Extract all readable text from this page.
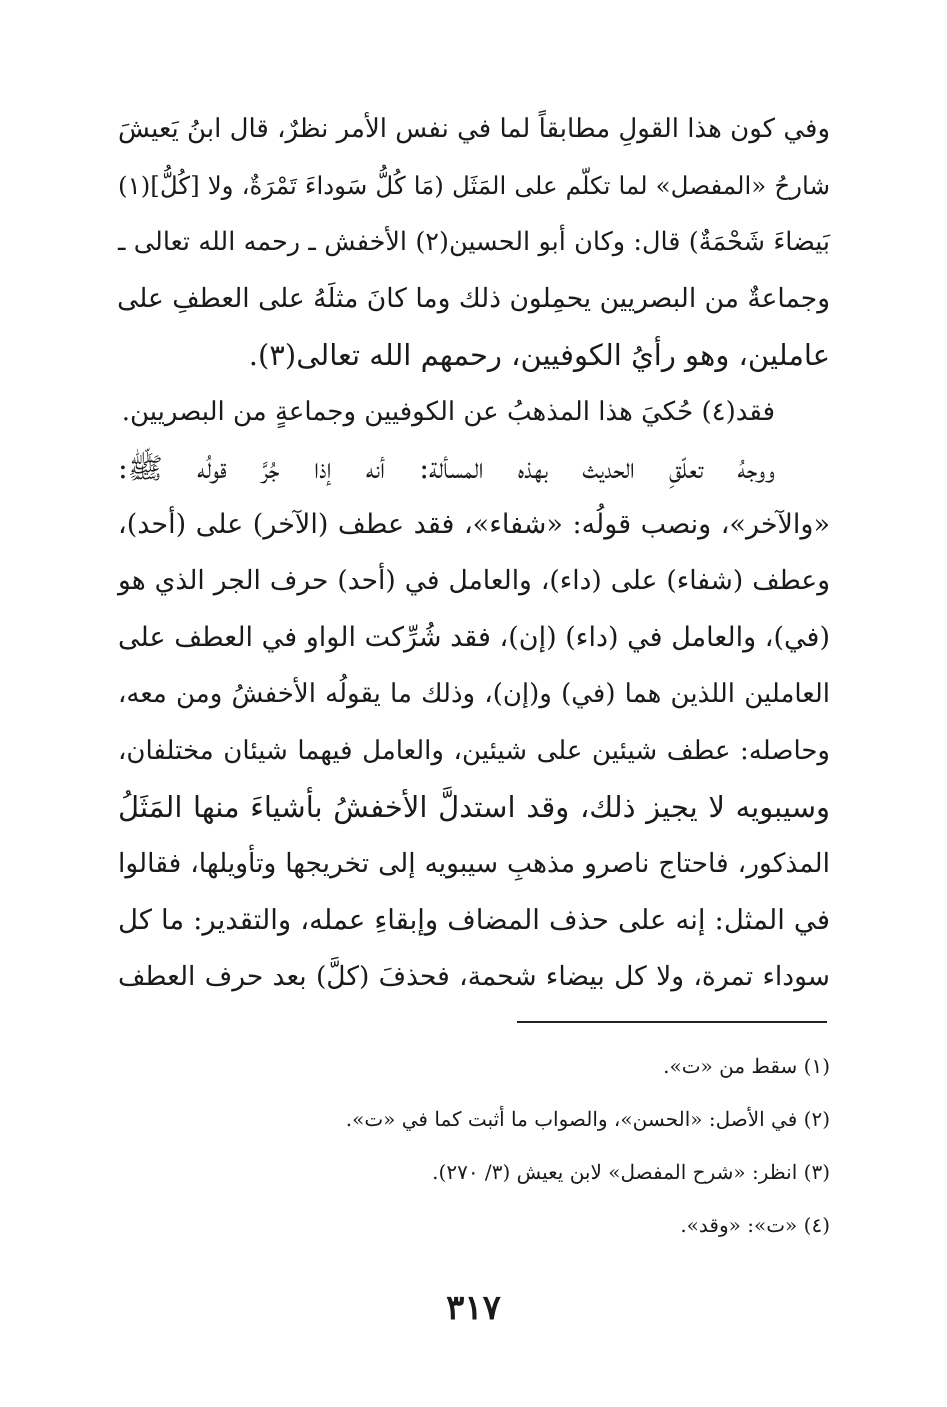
وفي كون هذا القولِ مطابقاً لما في نفس الأمر نظرٌ، قال ابنُ يَعيشَ
شارحُ «المفصل» لما تكلّم على المَثَل (مَا كُلُّ سَوداءَ تَمْرَةٌ، ولا [كُلُّ](١)
بَيضاءَ شَحْمَةٌ) قال: وكان أبو الحسين(٢) الأخفش ـ رحمه الله تعالى ـ
وجماعةٌ من البصريين يحمِلون ذلك وما كانَ مثلَهُ على العطفِ على
عاملين، وهو رأيُ الكوفيين، رحمهم الله تعالى(٣).
فقد(٤) حُكيَ هذا المذهبُ عن الكوفيين وجماعةٍ من البصريين.
ووجهُ تعلّقِ الحديث بهذه المسألة: أنه إذا جُرَّ قولُه ﷺ:
«والآخر»، ونصب قولُه: «شفاء»، فقد عطف (الآخر) على (أحد)،
وعطف (شفاء) على (داء)، والعامل في (أحد) حرف الجر الذي هو
(في)، والعامل في (داء) (إن)، فقد شُرِّكت الواو في العطف على
العاملين اللذين هما (في) و(إن)، وذلك ما يقولُه الأخفشُ ومن معه،
وحاصله: عطف شيئين على شيئين، والعامل فيهما شيئان مختلفان،
وسيبويه لا يجيز ذلك، وقد استدلَّ الأخفشُ بأشياءَ منها المَثَلُ
المذكور، فاحتاج ناصرو مذهبِ سيبويه إلى تخريجها وتأويلها، فقالوا
في المثل: إنه على حذف المضاف وإبقاءِ عمله، والتقدير: ما كل
سوداء تمرة، ولا كل بيضاء شحمة، فحذفَ (كلَّ) بعد حرف العطف
(١) سقط من «ت».
(٢) في الأصل: «الحسن»، والصواب ما أثبت كما في «ت».
(٣) انظر: «شرح المفصل» لابن يعيش (٣/ ٢٧٠).
(٤) «ت»: «وقد».
٣١٧
